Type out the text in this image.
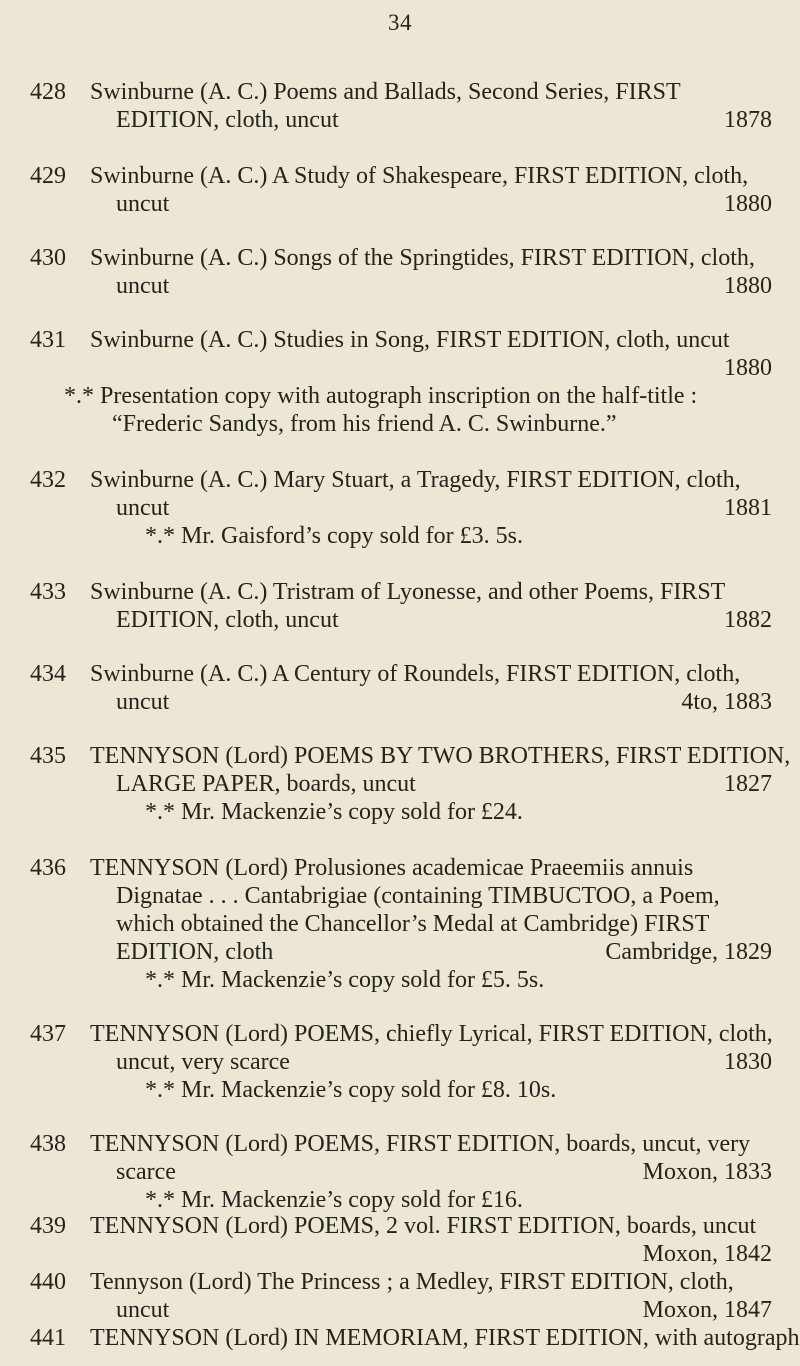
34
428	Swinburne (A. C.) Poems and Ballads, Second Series, FIRST
EDITION, cloth, uncut	1878
429	Swinburne (A. C.) A Study of Shakespeare, FIRST EDITION, cloth,
uncut	1880
430	Swinburne (A. C.) Songs of the Springtides, FIRST EDITION, cloth,
uncut	1880
431	Swinburne (A. C.) Studies in Song, FIRST EDITION, cloth, uncut
1880
*.* Presentation copy with autograph inscription on the half-title :
“Frederic Sandys, from his friend A. C. Swinburne.”
432	Swinburne (A. C.) Mary Stuart, a Tragedy, FIRST EDITION, cloth,
uncut	1881
*.* Mr. Gaisford’s copy sold for £3. 5s.
433	Swinburne (A. C.) Tristram of Lyonesse, and other Poems, FIRST
EDITION, cloth, uncut	1882
434	Swinburne (A. C.) A Century of Roundels, FIRST EDITION, cloth,
uncut	4to, 1883
435	TENNYSON (Lord) POEMS BY TWO BROTHERS, FIRST EDITION,
LARGE PAPER, boards, uncut	1827
*.* Mr. Mackenzie’s copy sold for £24.
436	TENNYSON (Lord) Prolusiones academicae Praeemiis annuis
Dignatae . . . Cantabrigiae (containing TIMBUCTOO, a Poem,
which obtained the Chancellor’s Medal at Cambridge) FIRST
EDITION, cloth	Cambridge, 1829
*.* Mr. Mackenzie’s copy sold for £5. 5s.
437	TENNYSON (Lord) POEMS, chiefly Lyrical, FIRST EDITION, cloth,
uncut, very scarce	1830
*.* Mr. Mackenzie’s copy sold for £8. 10s.
438	TENNYSON (Lord) POEMS, FIRST EDITION, boards, uncut, very
scarce	Moxon, 1833
*.* Mr. Mackenzie’s copy sold for £16.
439	TENNYSON (Lord) POEMS, 2 vol. FIRST EDITION, boards, uncut
Moxon, 1842
440	Tennyson (Lord) The Princess ; a Medley, FIRST EDITION, cloth,
uncut	Moxon, 1847
441	TENNYSON (Lord) IN MEMORIAM, FIRST EDITION, with autograph
